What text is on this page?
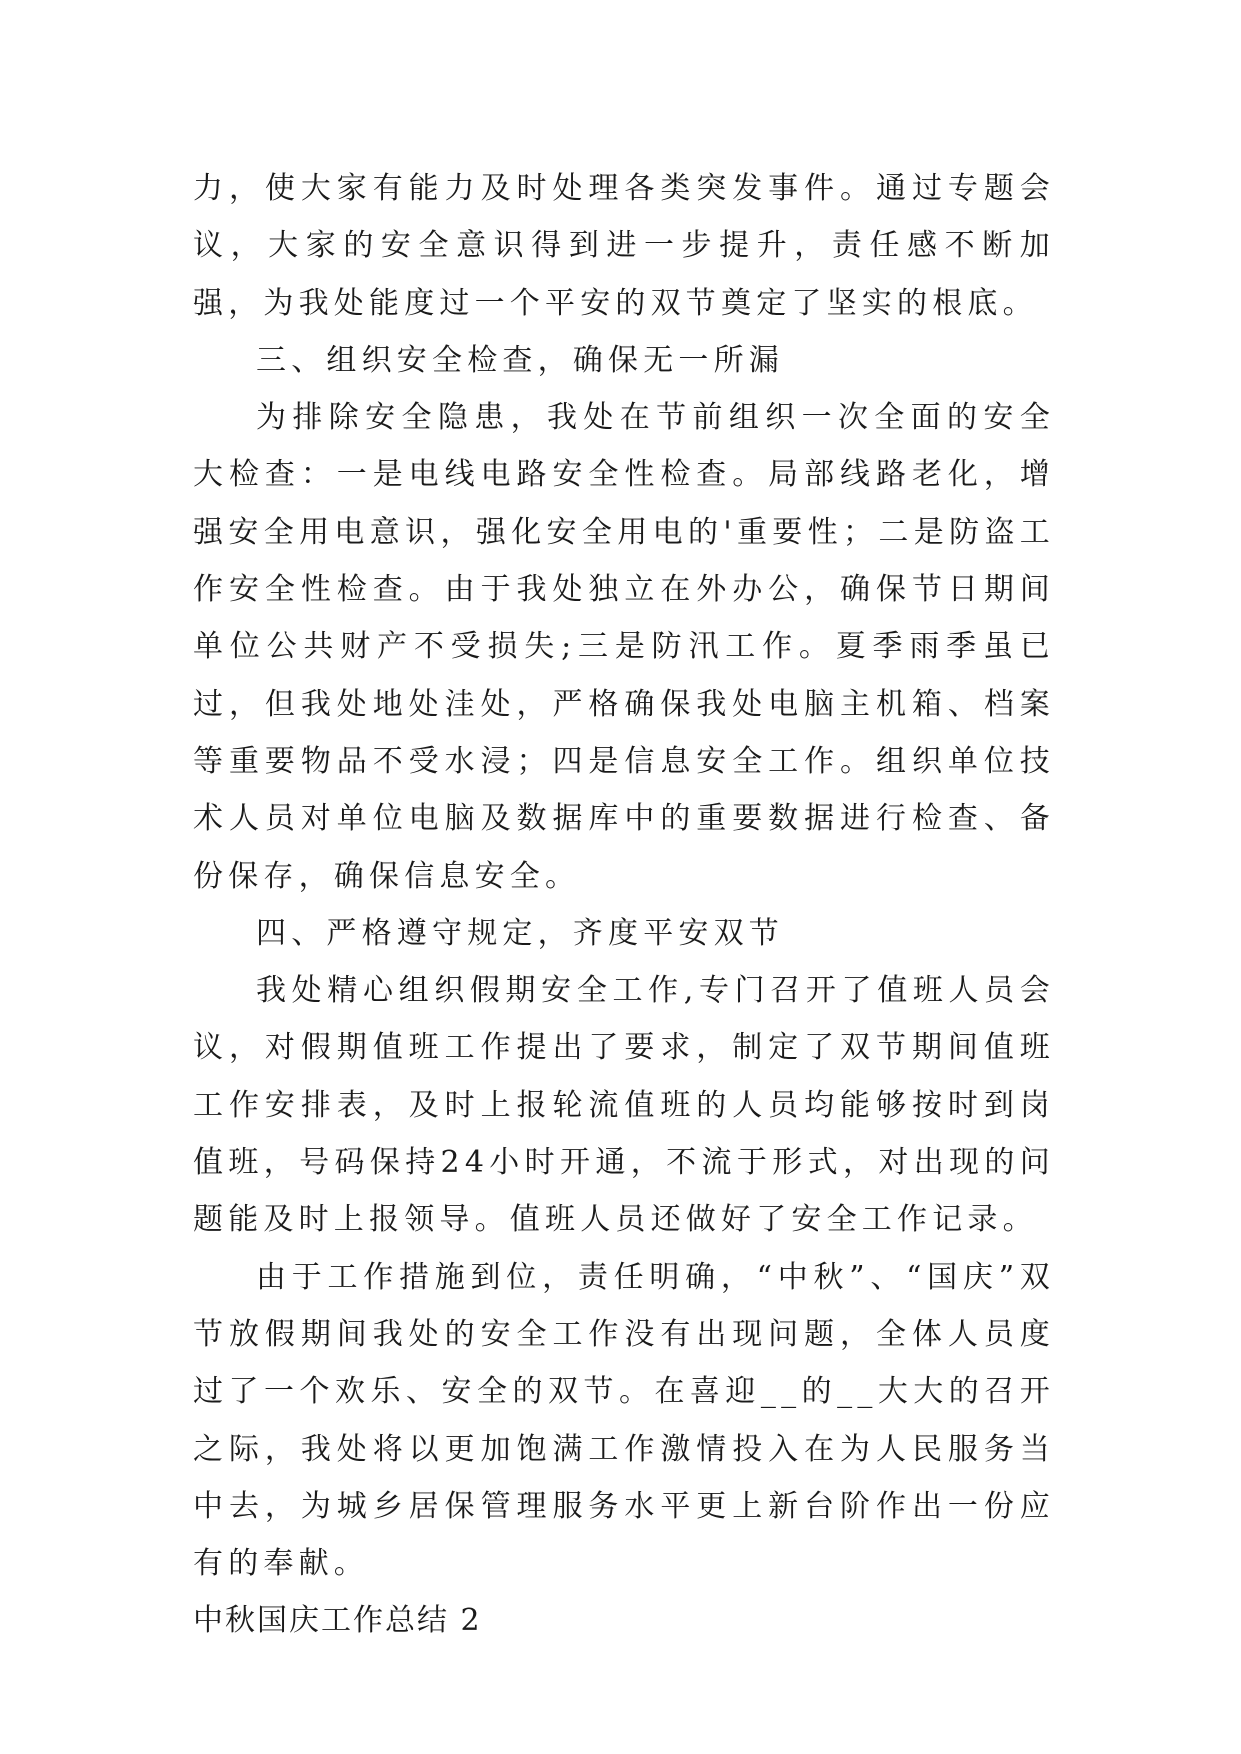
力，使大家有能力及时处理各类突发事件。通过专题会议，大家的安全意识得到进一步提升，责任感不断加强，为我处能度过一个平安的双节奠定了坚实的根底。

三、组织安全检查，确保无一所漏

为排除安全隐患，我处在节前组织一次全面的安全大检查：一是电线电路安全性检查。局部线路老化，增强安全用电意识，强化安全用电的'重要性；二是防盗工作安全性检查。由于我处独立在外办公，确保节日期间单位公共财产不受损失;三是防汛工作。夏季雨季虽已过，但我处地处洼处，严格确保我处电脑主机箱、档案等重要物品不受水浸；四是信息安全工作。组织单位技术人员对单位电脑及数据库中的重要数据进行检查、备份保存，确保信息安全。

四、严格遵守规定，齐度平安双节

我处精心组织假期安全工作,专门召开了值班人员会议，对假期值班工作提出了要求，制定了双节期间值班工作安排表，及时上报轮流值班的人员均能够按时到岗值班，号码保持24小时开通，不流于形式，对出现的问题能及时上报领导。值班人员还做好了安全工作记录。

由于工作措施到位，责任明确，“中秋”、“国庆”双节放假期间我处的安全工作没有出现问题，全体人员度过了一个欢乐、安全的双节。在喜迎__的__大大的召开之际，我处将以更加饱满工作激情投入在为人民服务当中去，为城乡居保管理服务水平更上新台阶作出一份应有的奉献。

中秋国庆工作总结 2
